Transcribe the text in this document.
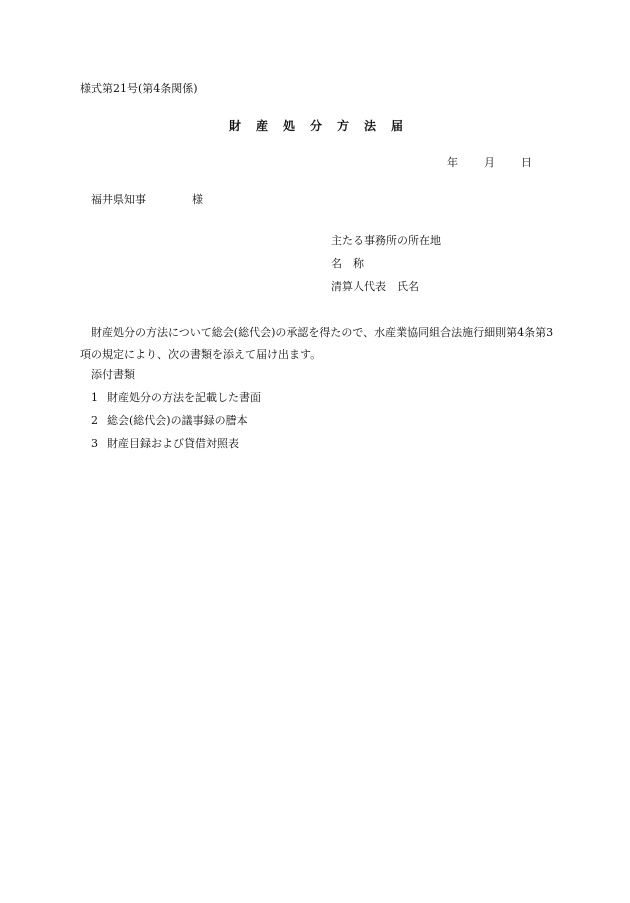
様式第21号(第4条関係)

財産処分方法届
年 月 日
福井県知事	様
主たる事務所の所在地
名　称
清算人代表　氏名

財産処分の方法について総会(総代会)の承認を得たので、水産業協同組合法施行細則第4条第3項の規定により、次の書類を添えて届け出ます。

添付書類
1 財産処分の方法を記載した書面
2 総会(総代会)の議事録の謄本
3 財産目録および貸借対照表
